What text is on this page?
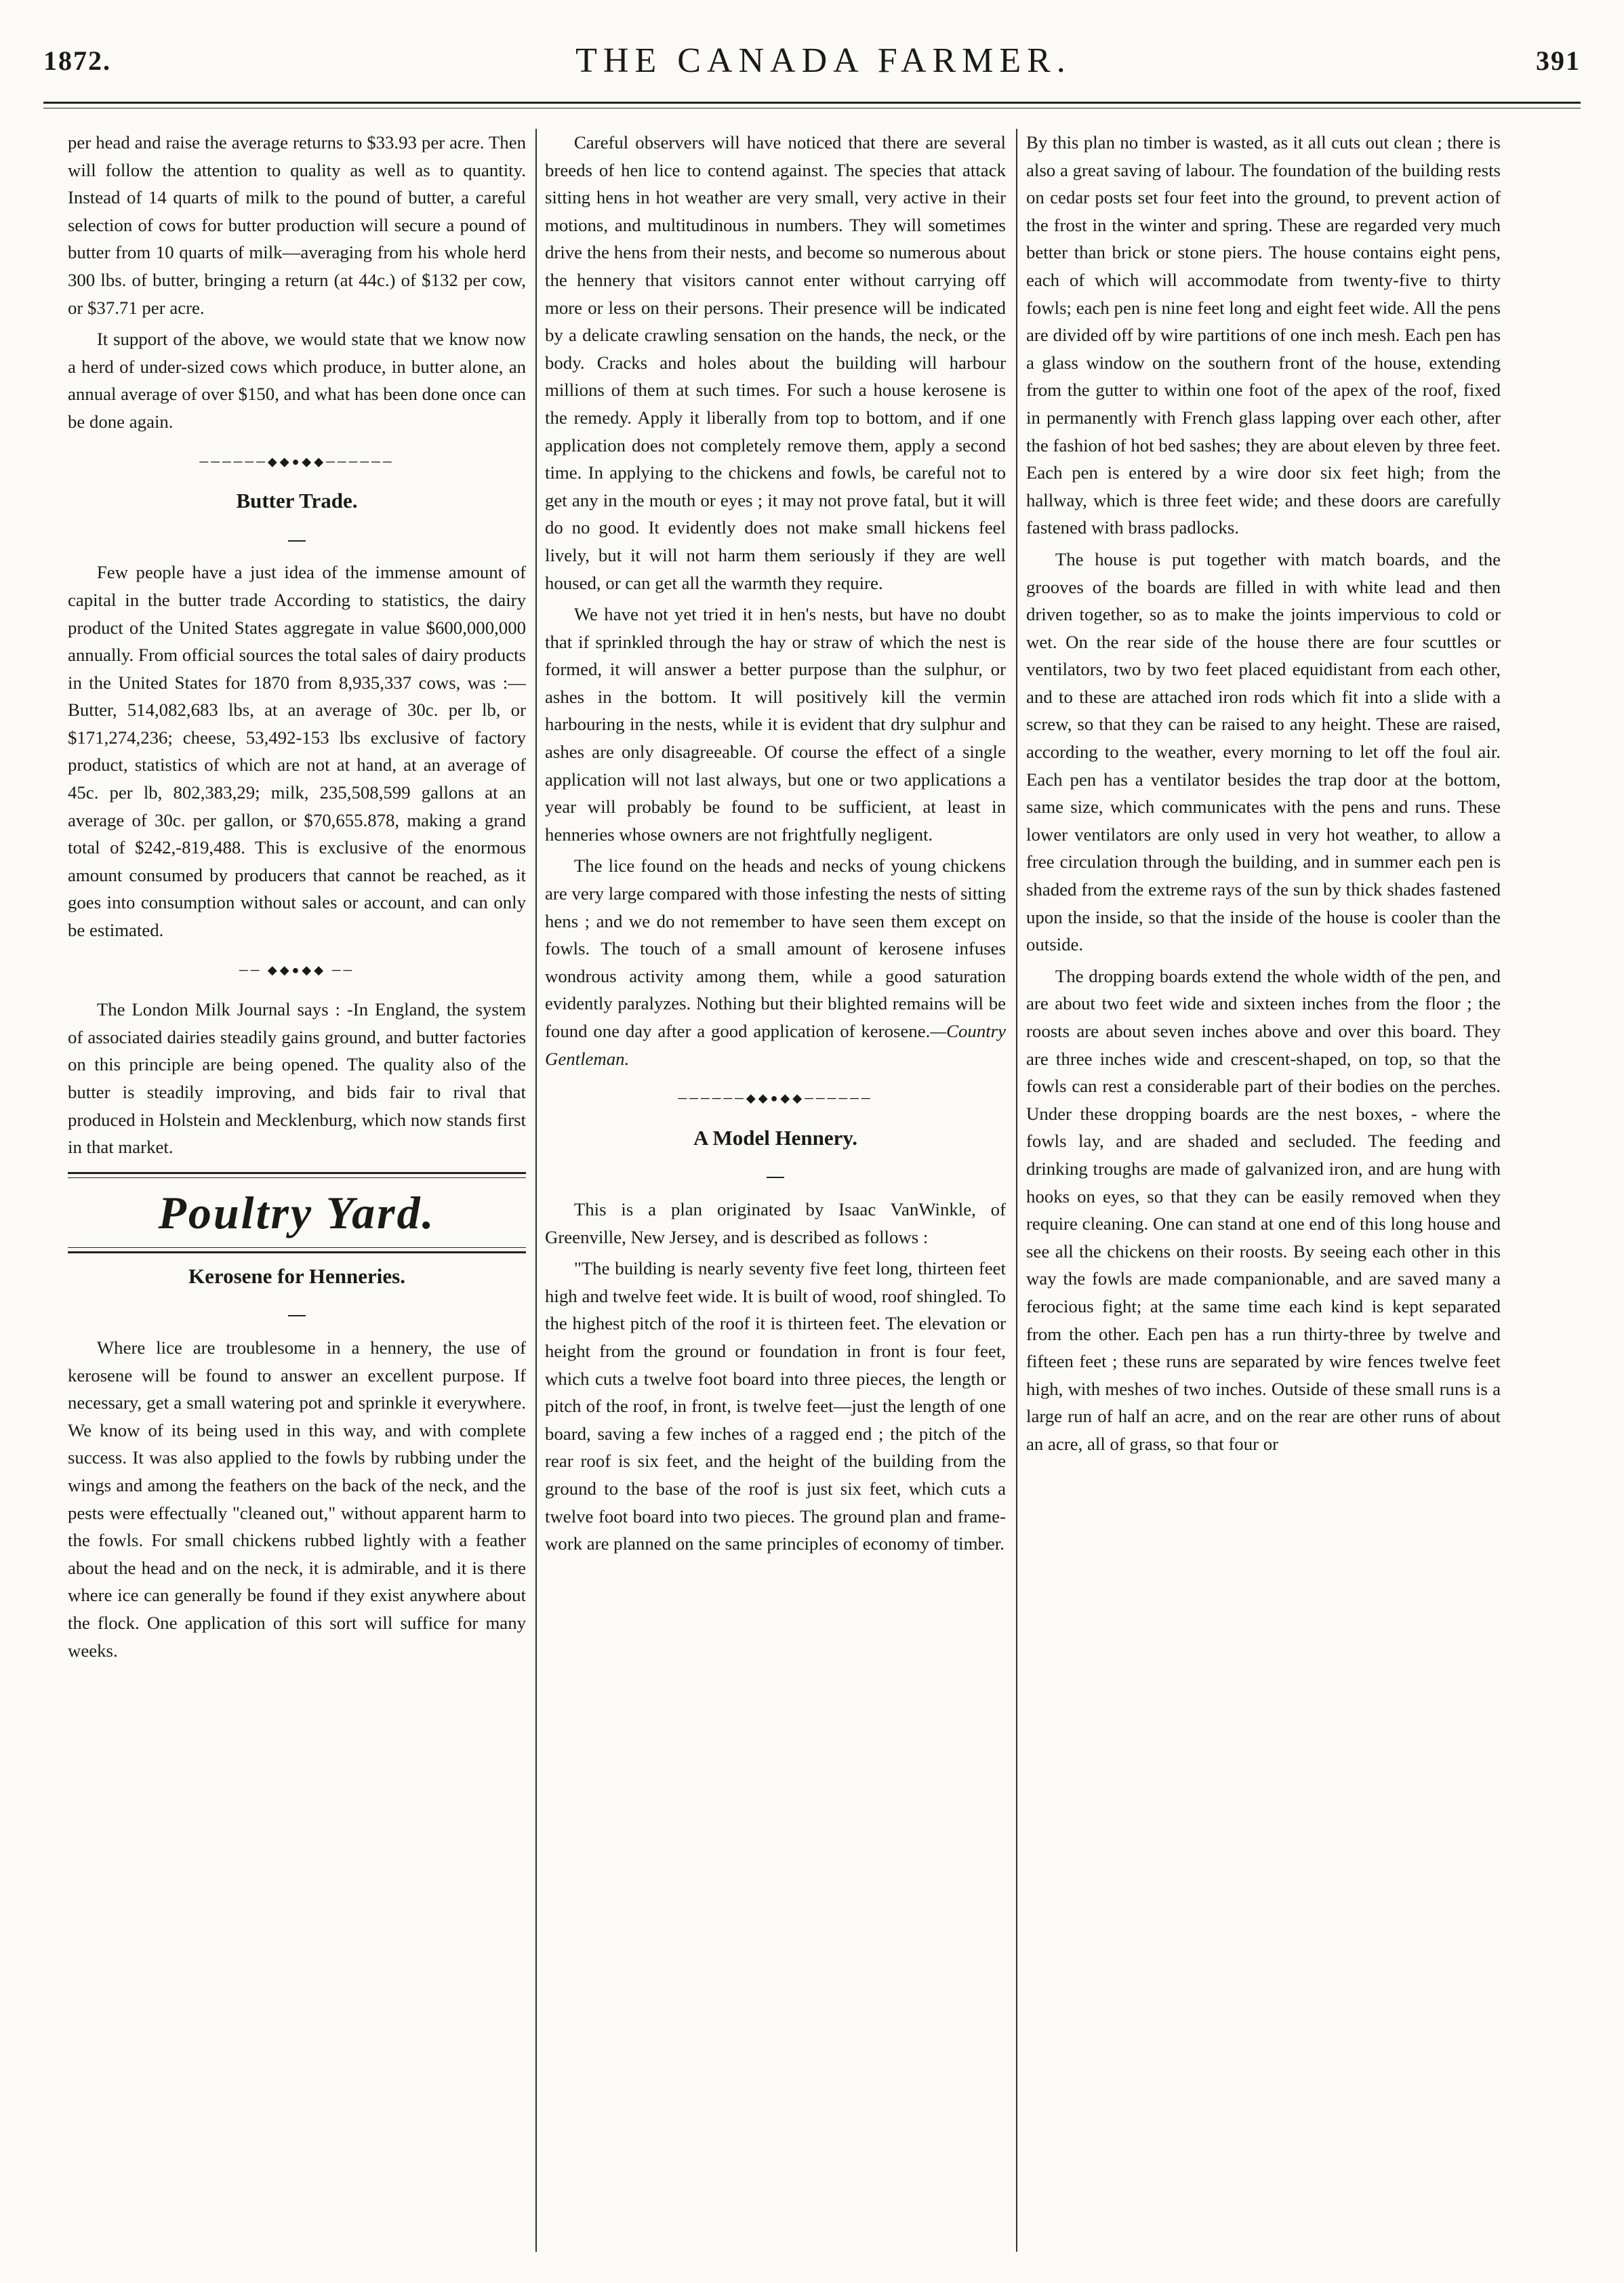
1872.	THE CANADA FARMER.	391

per head and raise the average returns to $33.93 per acre. Then will follow the attention to quality as well as to quantity. Instead of 14 quarts of milk to the pound of butter, a careful selection of cows for butter production will secure a pound of butter from 10 quarts of milk—averaging from his whole herd 300 lbs. of butter, bringing a return (at 44c.) of $132 per cow, or $37.71 per acre.

It support of the above, we would state that we know now a herd of under-sized cows which produce, in butter alone, an annual average of over $150, and what has been done once can be done again.

──────◆◆●◆◆──────
Butter Trade.

Few people have a just idea of the immense amount of capital in the butter trade According to statistics, the dairy product of the United States aggregate in value $600,000,000 annually. From official sources the total sales of dairy products in the United States for 1870 from 8,935,337 cows, was :—Butter, 514,082,683 lbs, at an average of 30c. per lb, or $171,274,236; cheese, 53,492-153 lbs exclusive of factory product, statistics of which are not at hand, at an average of 45c. per lb, 802,383,29; milk, 235,508,599 gallons at an average of 30c. per gallon, or $70,655.878, making a grand total of $242,-819,488. This is exclusive of the enormous amount consumed by producers that cannot be reached, as it goes into consumption without sales or account, and can only be estimated.

── ◆◆●◆◆ ──

The London Milk Journal says : -In England, the system of associated dairies steadily gains ground, and butter factories on this principle are being opened. The quality also of the butter is steadily improving, and bids fair to rival that produced in Holstein and Mecklenburg, which now stands first in that market.

Poultry Yard.
Kerosene for Henneries.

Where lice are troublesome in a hennery, the use of kerosene will be found to answer an excellent purpose. If necessary, get a small watering pot and sprinkle it everywhere. We know of its being used in this way, and with complete success. It was also applied to the fowls by rubbing under the wings and among the feathers on the back of the neck, and the pests were effectually "cleaned out," without apparent harm to the fowls. For small chickens rubbed lightly with a feather about the head and on the neck, it is admirable, and it is there where ice can generally be found if they exist anywhere about the flock. One application of this sort will suffice for many weeks.

Careful observers will have noticed that there are several breeds of hen lice to contend against. The species that attack sitting hens in hot weather are very small, very active in their motions, and multitudinous in numbers. They will sometimes drive the hens from their nests, and become so numerous about the hennery that visitors cannot enter without carrying off more or less on their persons. Their presence will be indicated by a delicate crawling sensation on the hands, the neck, or the body. Cracks and holes about the building will harbour millions of them at such times. For such a house kerosene is the remedy. Apply it liberally from top to bottom, and if one application does not completely remove them, apply a second time. In applying to the chickens and fowls, be careful not to get any in the mouth or eyes ; it may not prove fatal, but it will do no good. It evidently does not make small hickens feel lively, but it will not harm them seriously if they are well housed, or can get all the warmth they require.

We have not yet tried it in hen's nests, but have no doubt that if sprinkled through the hay or straw of which the nest is formed, it will answer a better purpose than the sulphur, or ashes in the bottom. It will positively kill the vermin harbouring in the nests, while it is evident that dry sulphur and ashes are only disagreeable. Of course the effect of a single application will not last always, but one or two applications a year will probably be found to be sufficient, at least in henneries whose owners are not frightfully negligent.

The lice found on the heads and necks of young chickens are very large compared with those infesting the nests of sitting hens ; and we do not remember to have seen them except on fowls. The touch of a small amount of kerosene infuses wondrous activity among them, while a good saturation evidently paralyzes. Nothing but their blighted remains will be found one day after a good application of kerosene.—Country Gentleman.

──────◆◆●◆◆──────
A Model Hennery.

This is a plan originated by Isaac VanWinkle, of Greenville, New Jersey, and is described as follows :

"The building is nearly seventy five feet long, thirteen feet high and twelve feet wide. It is built of wood, roof shingled. To the highest pitch of the roof it is thirteen feet. The elevation or height from the ground or foundation in front is four feet, which cuts a twelve foot board into three pieces, the length or pitch of the roof, in front, is twelve feet—just the length of one board, saving a few inches of a ragged end ; the pitch of the rear roof is six feet, and the height of the building from the ground to the base of the roof is just six feet, which cuts a twelve foot board into two pieces. The ground plan and frame-work are planned on the same principles of economy of timber.

By this plan no timber is wasted, as it all cuts out clean ; there is also a great saving of labour. The foundation of the building rests on cedar posts set four feet into the ground, to prevent action of the frost in the winter and spring. These are regarded very much better than brick or stone piers. The house contains eight pens, each of which will accommodate from twenty-five to thirty fowls; each pen is nine feet long and eight feet wide. All the pens are divided off by wire partitions of one inch mesh. Each pen has a glass window on the southern front of the house, extending from the gutter to within one foot of the apex of the roof, fixed in permanently with French glass lapping over each other, after the fashion of hot bed sashes; they are about eleven by three feet. Each pen is entered by a wire door six feet high; from the hallway, which is three feet wide; and these doors are carefully fastened with brass padlocks.

The house is put together with match boards, and the grooves of the boards are filled in with white lead and then driven together, so as to make the joints impervious to cold or wet. On the rear side of the house there are four scuttles or ventilators, two by two feet placed equidistant from each other, and to these are attached iron rods which fit into a slide with a screw, so that they can be raised to any height. These are raised, according to the weather, every morning to let off the foul air. Each pen has a ventilator besides the trap door at the bottom, same size, which communicates with the pens and runs. These lower ventilators are only used in very hot weather, to allow a free circulation through the building, and in summer each pen is shaded from the extreme rays of the sun by thick shades fastened upon the inside, so that the inside of the house is cooler than the outside.

The dropping boards extend the whole width of the pen, and are about two feet wide and sixteen inches from the floor ; the roosts are about seven inches above and over this board. They are three inches wide and crescent-shaped, on top, so that the fowls can rest a considerable part of their bodies on the perches. Under these dropping boards are the nest boxes, - where the fowls lay, and are shaded and secluded. The feeding and drinking troughs are made of galvanized iron, and are hung with hooks on eyes, so that they can be easily removed when they require cleaning. One can stand at one end of this long house and see all the chickens on their roosts. By seeing each other in this way the fowls are made companionable, and are saved many a ferocious fight; at the same time each kind is kept separated from the other. Each pen has a run thirty-three by twelve and fifteen feet ; these runs are separated by wire fences twelve feet high, with meshes of two inches. Outside of these small runs is a large run of half an acre, and on the rear are other runs of about an acre, all of grass, so that four or
